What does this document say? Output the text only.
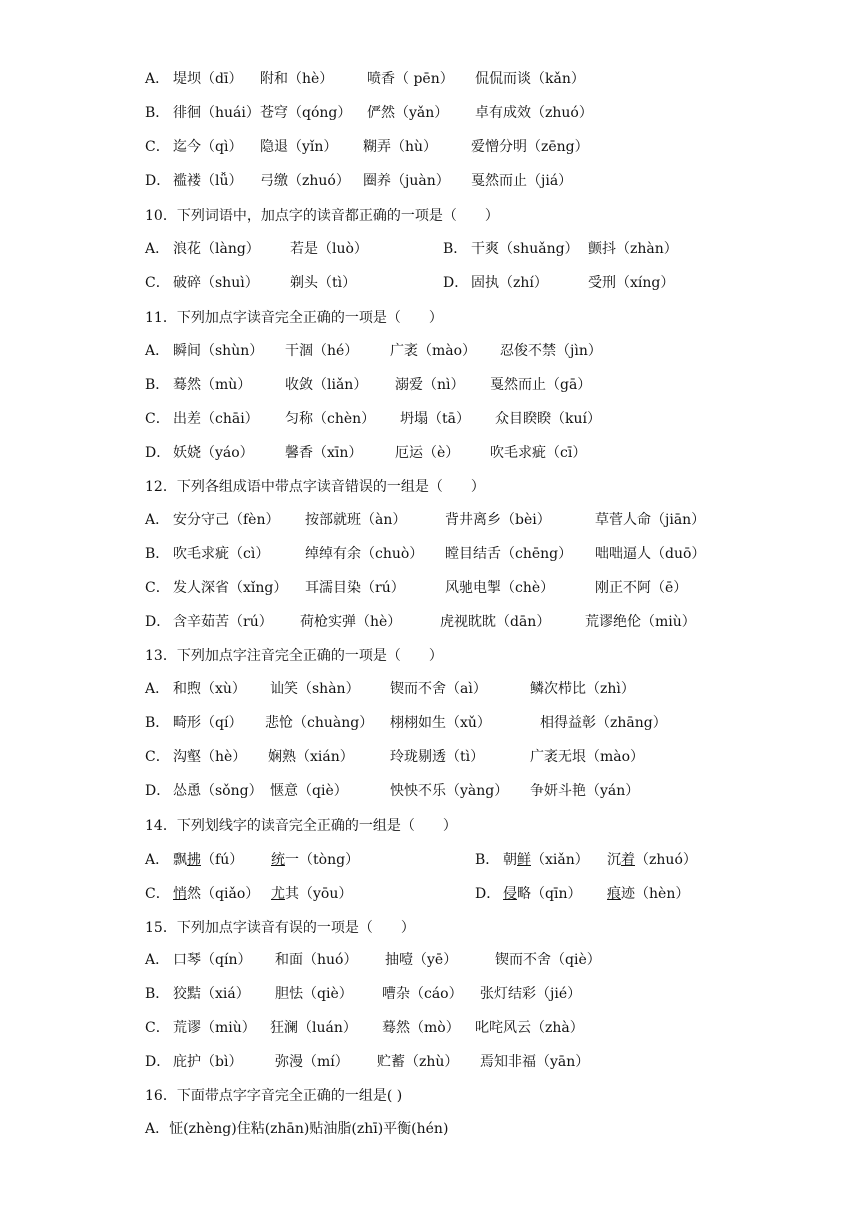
A． 堤坝（dī） 附和（hè） 喷香（ pēn） 侃侃而谈（kǎn）
B． 徘徊（huái） 苍穹（qóng） 俨然（yǎn） 卓有成效（zhuó）
C． 迄今（qì） 隐退（yǐn） 糊弄（hù） 爱憎分明（zēng）
D． 褴褛（lǚ） 弓缴（zhuó） 圈养（juàn） 戛然而止（jiá）
10．下列词语中，加点字的读音都正确的一项是（　　）
A． 浪花（làng） 若是（luò）	B． 干爽（shuǎng） 颤抖（zhàn）
C． 破碎（shuì） 剃头（tì）	D． 固执（zhí）	受刑（xíng）
11．下列加点字读音完全正确的一项是（　　）
A． 瞬间（shùn） 干涸（hé） 广袤（mào） 忍俊不禁（jìn）
B． 蓦然（mù） 收敛（liǎn） 溺爱（nì） 戛然而止（gā）
C． 出差（chāi） 匀称（chèn） 坍塌（tā） 众目睽睽（kuí）
D． 妖娆（yáo） 馨香（xīn） 厄运（è） 吹毛求疵（cī）
12．下列各组成语中带点字读音错误的一组是（　　）
A． 安分守己（fèn） 按部就班（àn）	背井离乡（bèi）	草菅人命（jiān）
B． 吹毛求疵（cì）	绰绰有余（chuò） 瞠目结舌（chēng） 咄咄逼人（duō）
C． 发人深省（xǐng） 耳濡目染（rú）	风驰电掣（chè）	刚正不阿（ē）
D． 含辛茹苦（rú） 荷枪实弹（hè）	虎视眈眈（dān） 荒谬绝伦（miù）
13．下列加点字注音完全正确的一项是（　　）
A． 和煦（xù） 讪笑（shàn） 锲而不舍（aì）	鳞次栉比（zhì）
B． 畸形（qí） 悲怆（chuàng） 栩栩如生（xǔ）	相得益彰（zhāng）
C． 沟壑（hè） 娴熟（xián）	玲珑剔透（tì）	广袤无垠（mào）
D． 怂恿（sǒng） 惬意（qiè）	怏怏不乐（yàng） 争妍斗艳（yán）
14．下列划线字的读音完全正确的一组是（　　）
A． 飘拂（fú） 统一（tòng）	B． 朝鲜（xiǎn） 沉着（zhuó）
C． 悄然（qiǎo） 尤其（yōu）	D． 侵略（qīn） 痕迹（hèn）
15．下列加点字读音有误的一项是（　　）
A． 口琴（qín） 和面（huó） 抽噎（yē）	锲而不舍（qiè）
B． 狡黠（xiá） 胆怯（qiè） 嘈杂（cáo） 张灯结彩（jié）
C． 荒谬（miù） 狂澜（luán） 蓦然（mò） 叱咤风云（zhà）
D． 庇护（bì） 弥漫（mí） 贮蓄（zhù） 焉知非福（yān）
16．下面带点字字音完全正确的一组是( )
A．怔(zhèng)住粘(zhān)贴油脂(zhī)平衡(hén)
